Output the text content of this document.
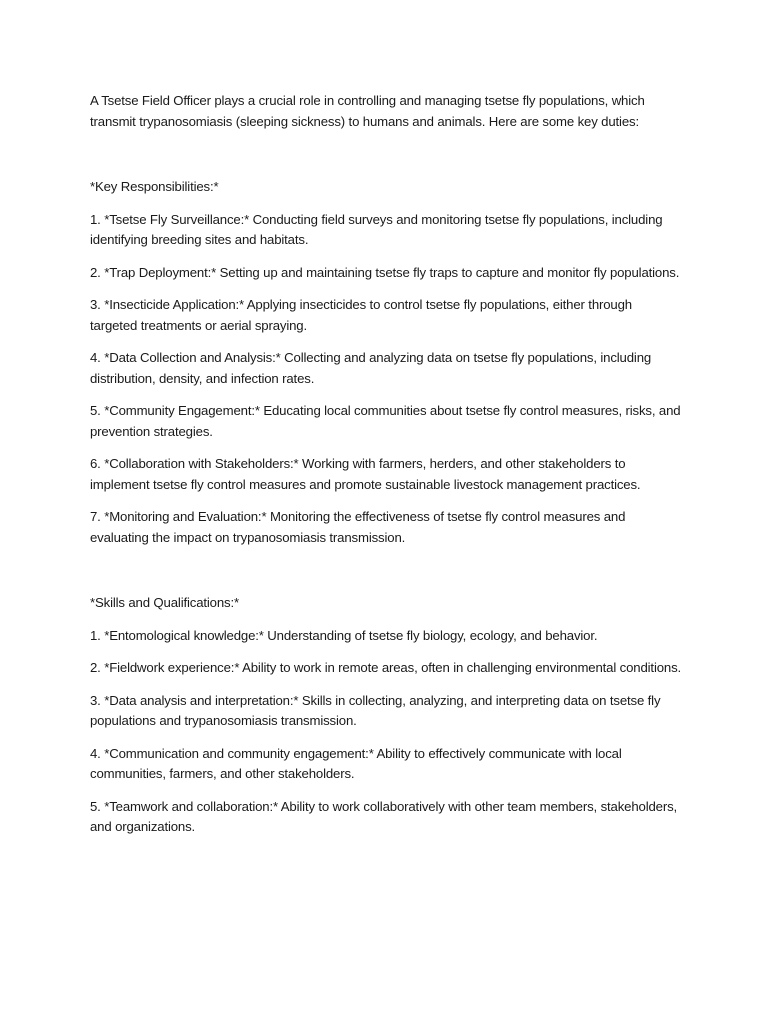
A Tsetse Field Officer plays a crucial role in controlling and managing tsetse fly populations, which transmit trypanosomiasis (sleeping sickness) to humans and animals. Here are some key duties:

*Key Responsibilities:*

1. *Tsetse Fly Surveillance:* Conducting field surveys and monitoring tsetse fly populations, including identifying breeding sites and habitats.

2. *Trap Deployment:* Setting up and maintaining tsetse fly traps to capture and monitor fly populations.

3. *Insecticide Application:* Applying insecticides to control tsetse fly populations, either through targeted treatments or aerial spraying.

4. *Data Collection and Analysis:* Collecting and analyzing data on tsetse fly populations, including distribution, density, and infection rates.

5. *Community Engagement:* Educating local communities about tsetse fly control measures, risks, and prevention strategies.

6. *Collaboration with Stakeholders:* Working with farmers, herders, and other stakeholders to implement tsetse fly control measures and promote sustainable livestock management practices.

7. *Monitoring and Evaluation:* Monitoring the effectiveness of tsetse fly control measures and evaluating the impact on trypanosomiasis transmission.

*Skills and Qualifications:*

1. *Entomological knowledge:* Understanding of tsetse fly biology, ecology, and behavior.

2. *Fieldwork experience:* Ability to work in remote areas, often in challenging environmental conditions.

3. *Data analysis and interpretation:* Skills in collecting, analyzing, and interpreting data on tsetse fly populations and trypanosomiasis transmission.

4. *Communication and community engagement:* Ability to effectively communicate with local communities, farmers, and other stakeholders.

5. *Teamwork and collaboration:* Ability to work collaboratively with other team members, stakeholders, and organizations.
